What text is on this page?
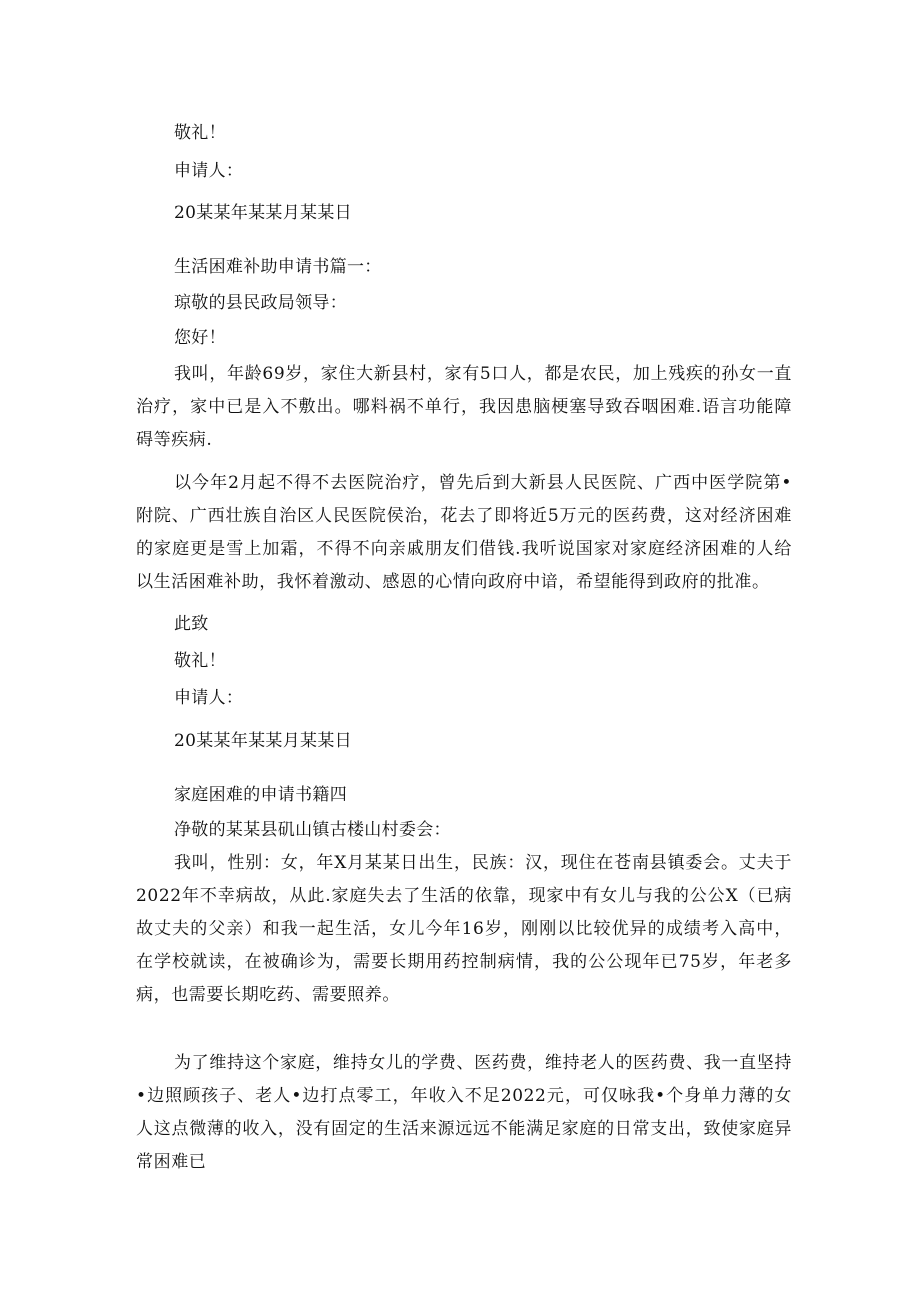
敬礼！
申请人：
20某某年某某月某某日
生活困难补助申请书篇一：
琼敬的县民政局领导：
您好！
我叫，年龄69岁，家住大新县村，家有5口人，都是农民，加上残疾的孙女一直治疗，家中已是入不敷出。哪料祸不单行，我因患脑梗塞导致吞咽困难.语言功能障碍等疾病.
以今年2月起不得不去医院治疗，曾先后到大新县人民医院、广西中医学院第•附院、广西壮族自治区人民医院侯治，花去了即将近5万元的医药费，这对经济困难的家庭更是雪上加霜，不得不向亲戚朋友们借钱.我听说国家对家庭经济困难的人给以生活困难补助，我怀着激动、感恩的心情向政府中谙，希望能得到政府的批准。
此致
敬礼！
申请人：
20某某年某某月某某日
家庭困难的申请书籍四
净敬的某某县矶山镇古楼山村委会：
我叫，性别：女，年X月某某日出生，民族：汉，现住在苍南县镇委会。丈夫于2022年不幸病故，从此.家庭失去了生活的依靠，现家中有女儿与我的公公X（已病故丈夫的父亲）和我一起生活，女儿今年16岁，刚刚以比较优异的成绩考入高中，在学校就读，在被确诊为，需要长期用药控制病情，我的公公现年已75岁，年老多病，也需要长期吃药、需要照养。
为了维持这个家庭，维持女儿的学费、医药费，维持老人的医药费、我一直坚持•边照顾孩子、老人•边打点零工，年收入不足2022元，可仅咏我•个身单力薄的女人这点微薄的收入，没有固定的生活来源远远不能满足家庭的日常支出，致使家庭异常困难已
